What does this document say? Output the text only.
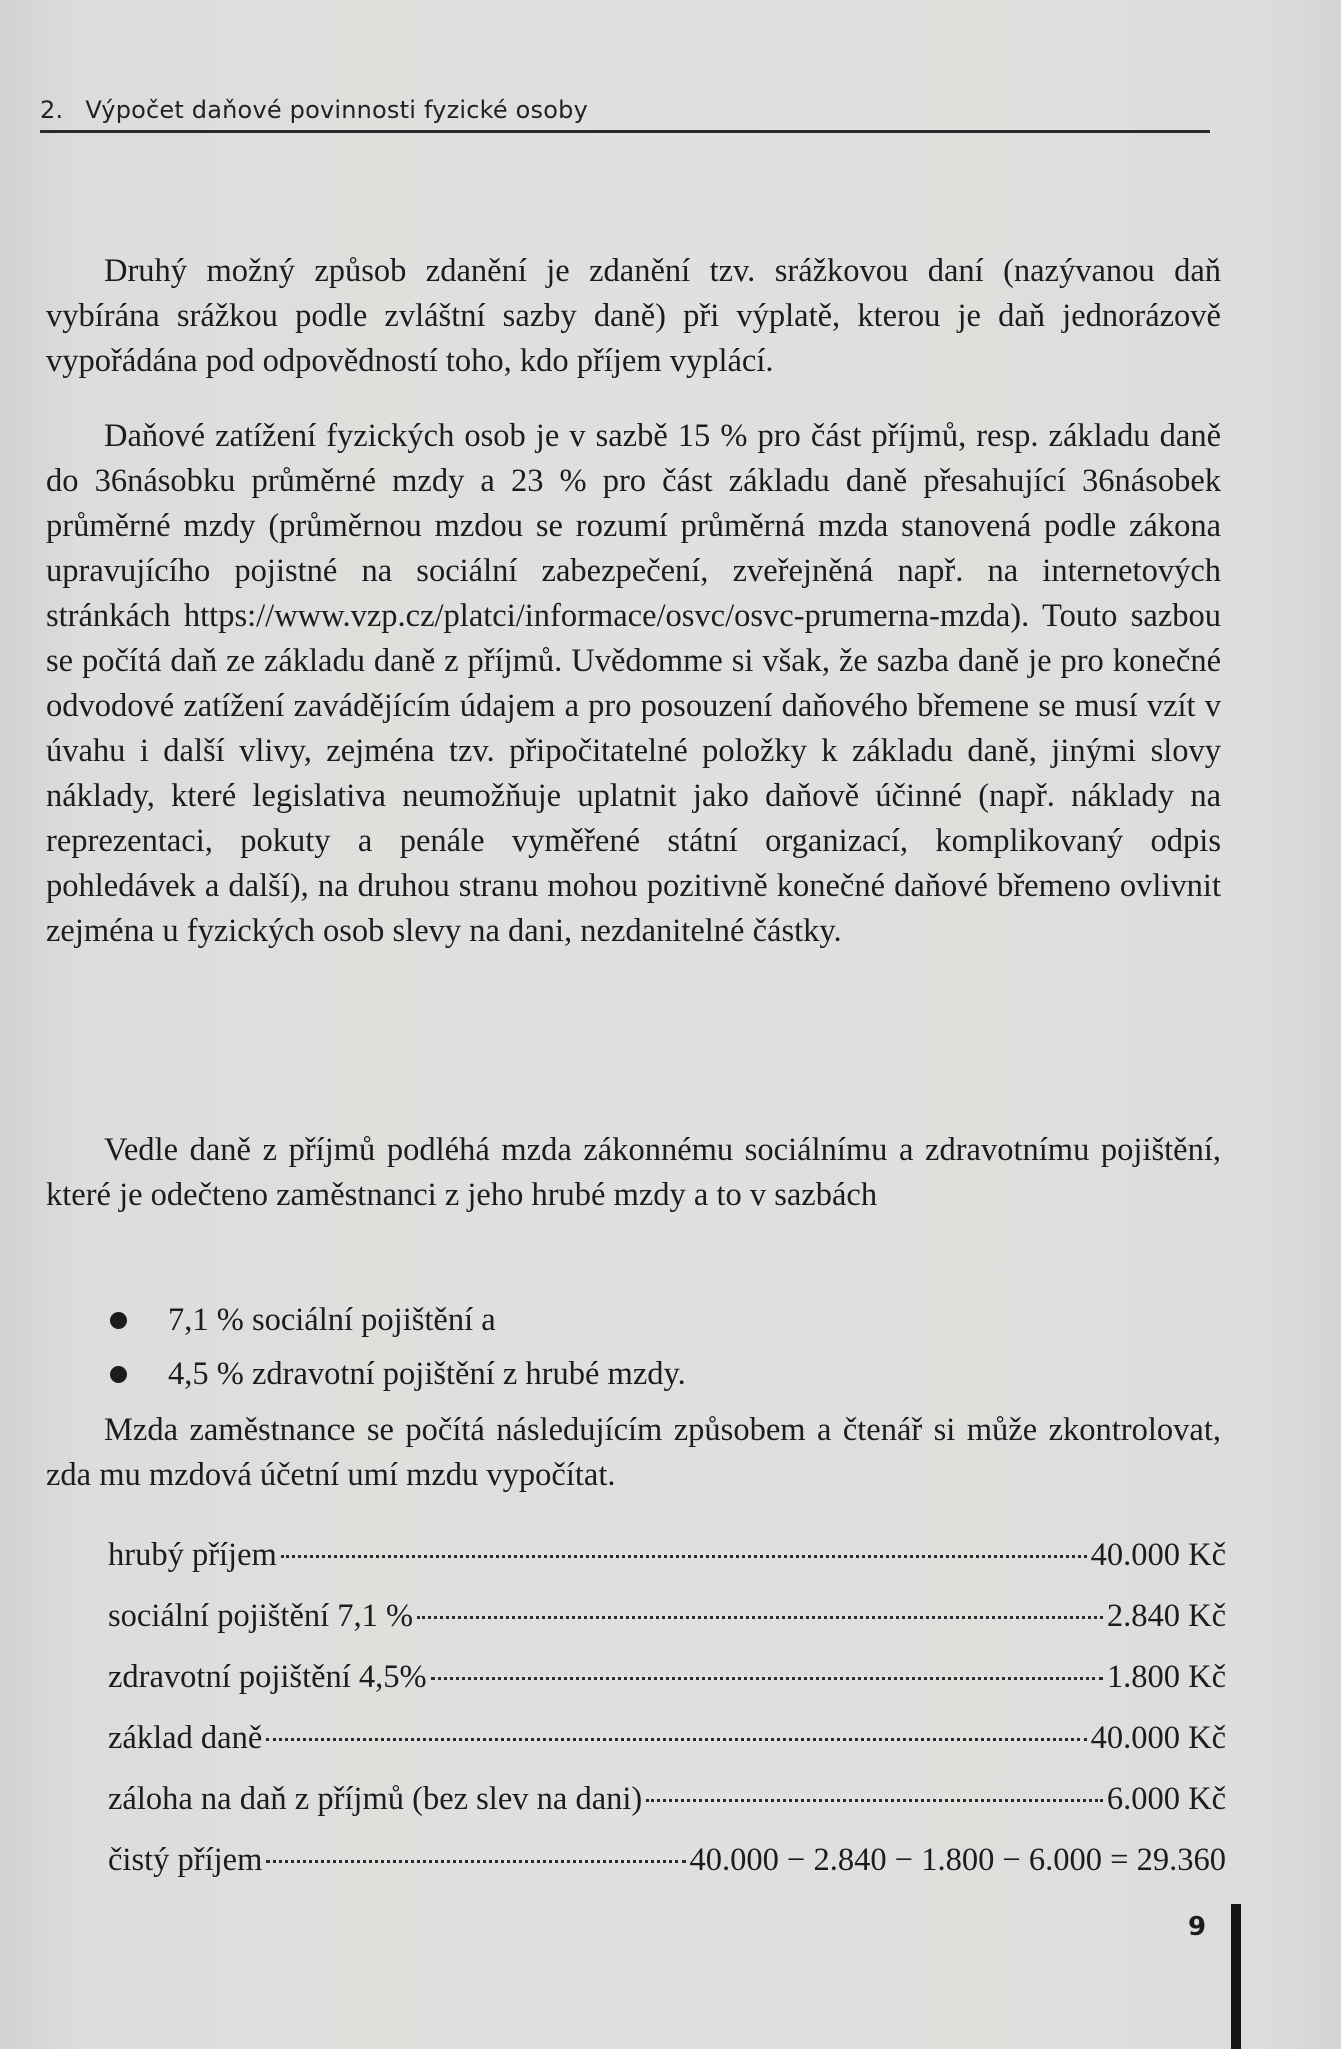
2. Výpočet daňové povinnosti fyzické osoby

Druhý možný způsob zdanění je zdanění tzv. srážkovou daní (nazývanou daň vybírána srážkou podle zvláštní sazby daně) při výplatě, kterou je daň jednorázově vypořádána pod odpovědností toho, kdo příjem vyplácí.

Daňové zatížení fyzických osob je v sazbě 15 % pro část příjmů, resp. základu daně do 36násobku průměrné mzdy a 23 % pro část základu daně přesahující 36násobek průměrné mzdy (průměrnou mzdou se rozumí průměrná mzda stanovená podle zákona upravujícího pojistné na sociální zabezpečení, zveřejněná např. na internetových stránkách https://www.vzp.cz/platci/informace/osvc/osvc-prumerna-mzda). Touto sazbou se počítá daň ze základu daně z příjmů. Uvědomme si však, že sazba daně je pro konečné odvodové zatížení zavádějícím údajem a pro posouzení daňového břemene se musí vzít v úvahu i další vlivy, zejména tzv. připočitatelné položky k základu daně, jinými slovy náklady, které legislativa neumožňuje uplatnit jako daňově účinné (např. náklady na reprezentaci, pokuty a penále vyměřené státní organizací, komplikovaný odpis pohledávek a další), na druhou stranu mohou pozitivně konečné daňové břemeno ovlivnit zejména u fyzických osob slevy na dani, nezdanitelné částky.

Vedle daně z příjmů podléhá mzda zákonnému sociálnímu a zdravotnímu pojištění, které je odečteno zaměstnanci z jeho hrubé mzdy a to v sazbách

7,1 % sociální pojištění a
4,5 % zdravotní pojištění z hrubé mzdy.

Mzda zaměstnance se počítá následujícím způsobem a čtenář si může zkontrolovat, zda mu mzdová účetní umí mzdu vypočítat.

hrubý příjem	40.000 Kč
sociální pojištění 7,1 %	2.840 Kč
zdravotní pojištění 4,5%	1.800 Kč
základ daně	40.000 Kč
záloha na daň z příjmů (bez slev na dani)	6.000 Kč
čistý příjem	40.000 − 2.840 − 1.800 − 6.000 = 29.360
9
